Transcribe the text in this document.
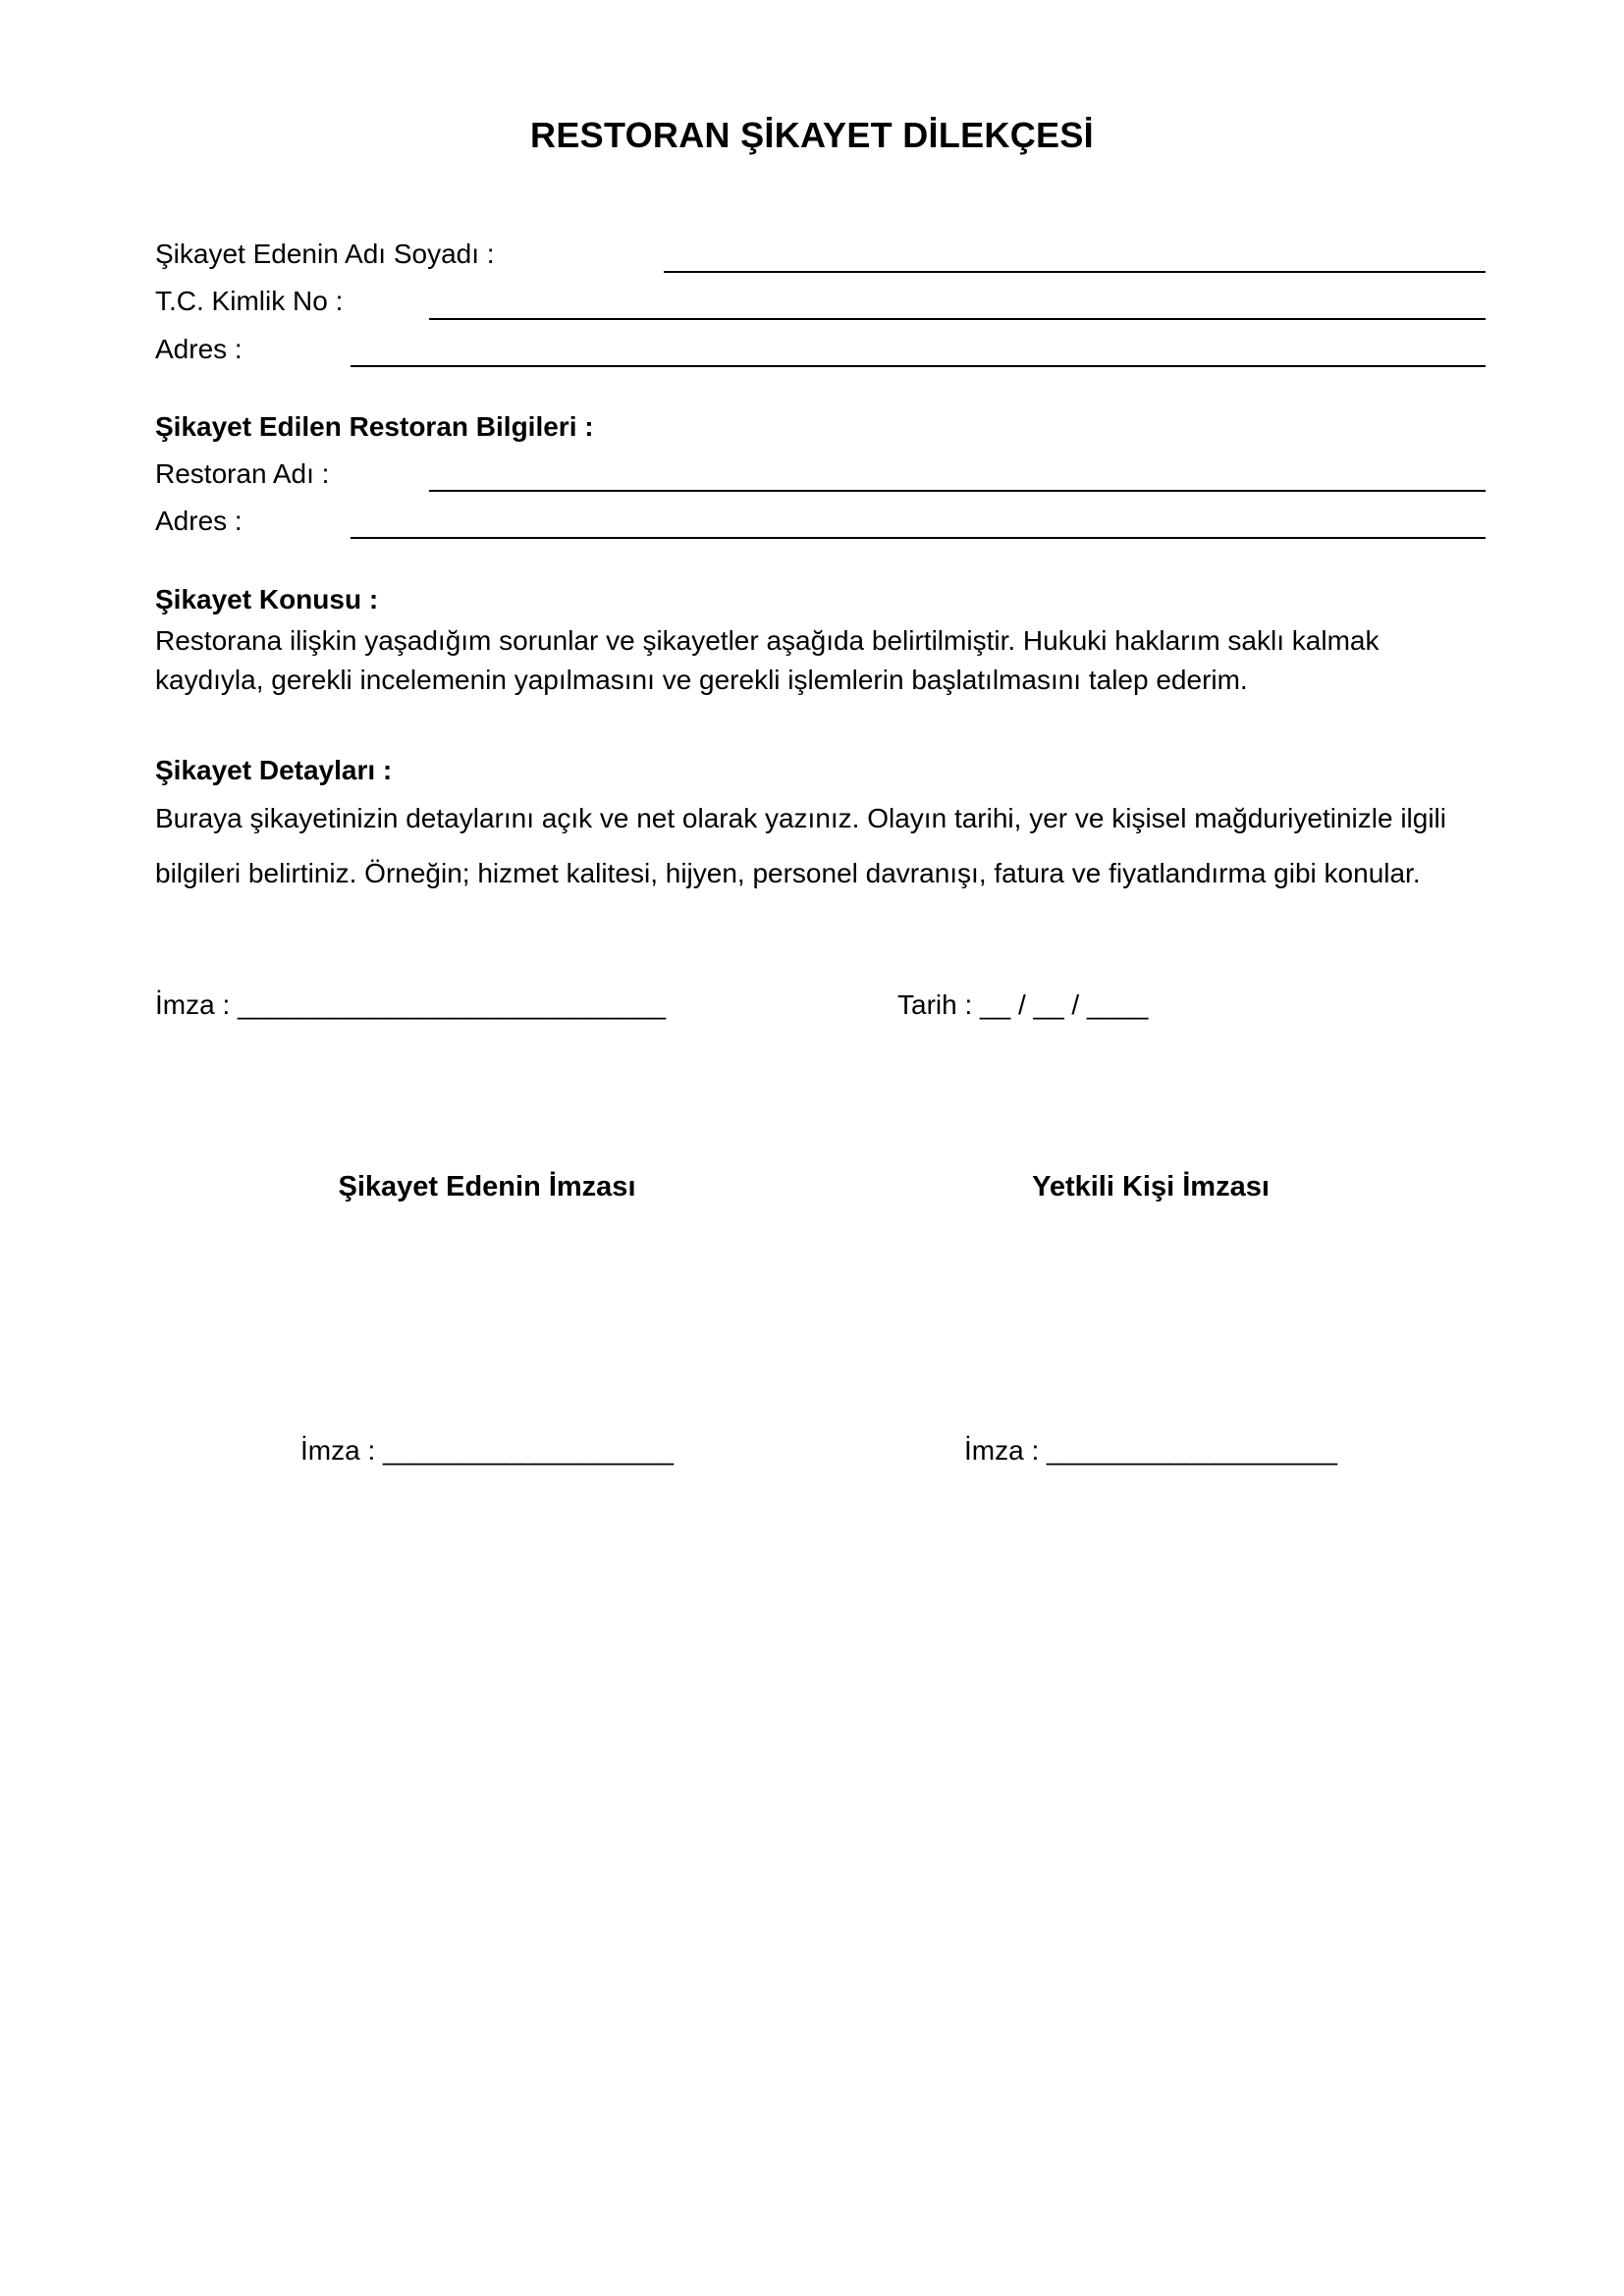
RESTORAN ŞİKAYET DİLEKÇESİ
Şikayet Edenin Adı Soyadı :
T.C. Kimlik No :
Adres :
Şikayet Edilen Restoran Bilgileri :
Restoran Adı :
Adres :
Şikayet Konusu :
Restorana ilişkin yaşadığım sorunlar ve şikayetler aşağıda belirtilmiştir. Hukuki haklarım saklı kalmak kaydıyla, gerekli incelemenin yapılmasını ve gerekli işlemlerin başlatılmasını talep ederim.
Şikayet Detayları :
Buraya şikayetinizin detaylarını açık ve net olarak yazınız. Olayın tarihi, yer ve kişisel mağduriyetinizle ilgili bilgileri belirtiniz. Örneğin; hizmet kalitesi, hijyen, personel davranışı, fatura ve fiyatlandırma gibi konular.
İmza : ____________________________	Tarih : __ / __ / ____
Şikayet Edenin İmzası	Yetkili Kişi İmzası
İmza : ___________________	İmza : ___________________
